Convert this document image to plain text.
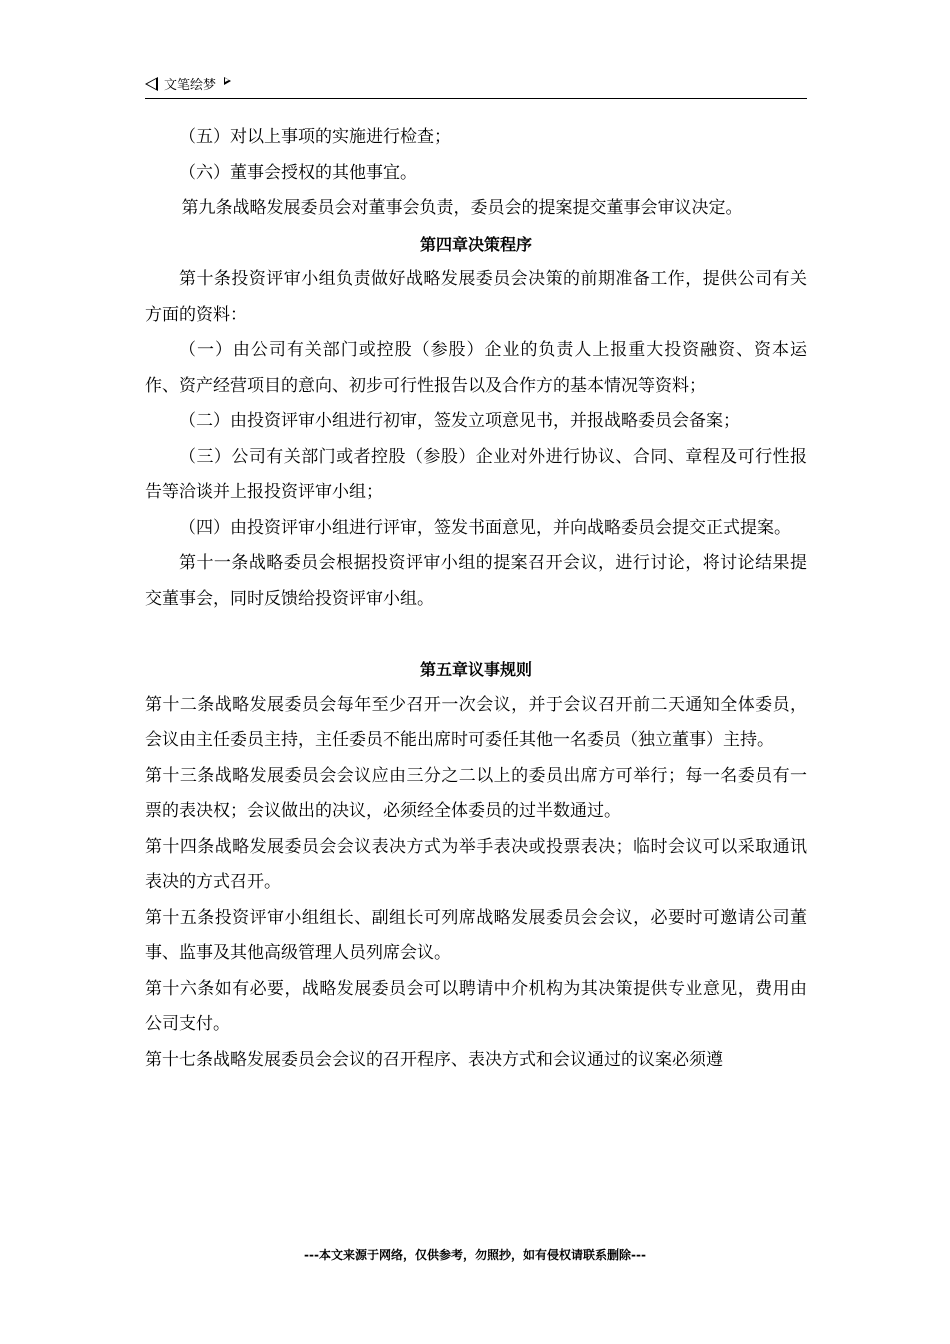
文笔绘梦

（五）对以上事项的实施进行检查；

（六）董事会授权的其他事宜。

第九条战略发展委员会对董事会负责，委员会的提案提交董事会审议决定。

第四章决策程序

第十条投资评审小组负责做好战略发展委员会决策的前期准备工作，提供公司有关方面的资料：

（一）由公司有关部门或控股（参股）企业的负责人上报重大投资融资、资本运作、资产经营项目的意向、初步可行性报告以及合作方的基本情况等资料；

（二）由投资评审小组进行初审，签发立项意见书，并报战略委员会备案；

（三）公司有关部门或者控股（参股）企业对外进行协议、合同、章程及可行性报告等洽谈并上报投资评审小组；

（四）由投资评审小组进行评审，签发书面意见，并向战略委员会提交正式提案。

第十一条战略委员会根据投资评审小组的提案召开会议，进行讨论，将讨论结果提交董事会，同时反馈给投资评审小组。

第五章议事规则

第十二条战略发展委员会每年至少召开一次会议，并于会议召开前二天通知全体委员，会议由主任委员主持，主任委员不能出席时可委任其他一名委员（独立董事）主持。

第十三条战略发展委员会会议应由三分之二以上的委员出席方可举行；每一名委员有一票的表决权；会议做出的决议，必须经全体委员的过半数通过。

第十四条战略发展委员会会议表决方式为举手表决或投票表决；临时会议可以采取通讯表决的方式召开。

第十五条投资评审小组组长、副组长可列席战略发展委员会会议，必要时可邀请公司董事、监事及其他高级管理人员列席会议。

第十六条如有必要，战略发展委员会可以聘请中介机构为其决策提供专业意见，费用由公司支付。

第十七条战略发展委员会会议的召开程序、表决方式和会议通过的议案必须遵

---本文来源于网络，仅供参考，勿照抄，如有侵权请联系删除---
